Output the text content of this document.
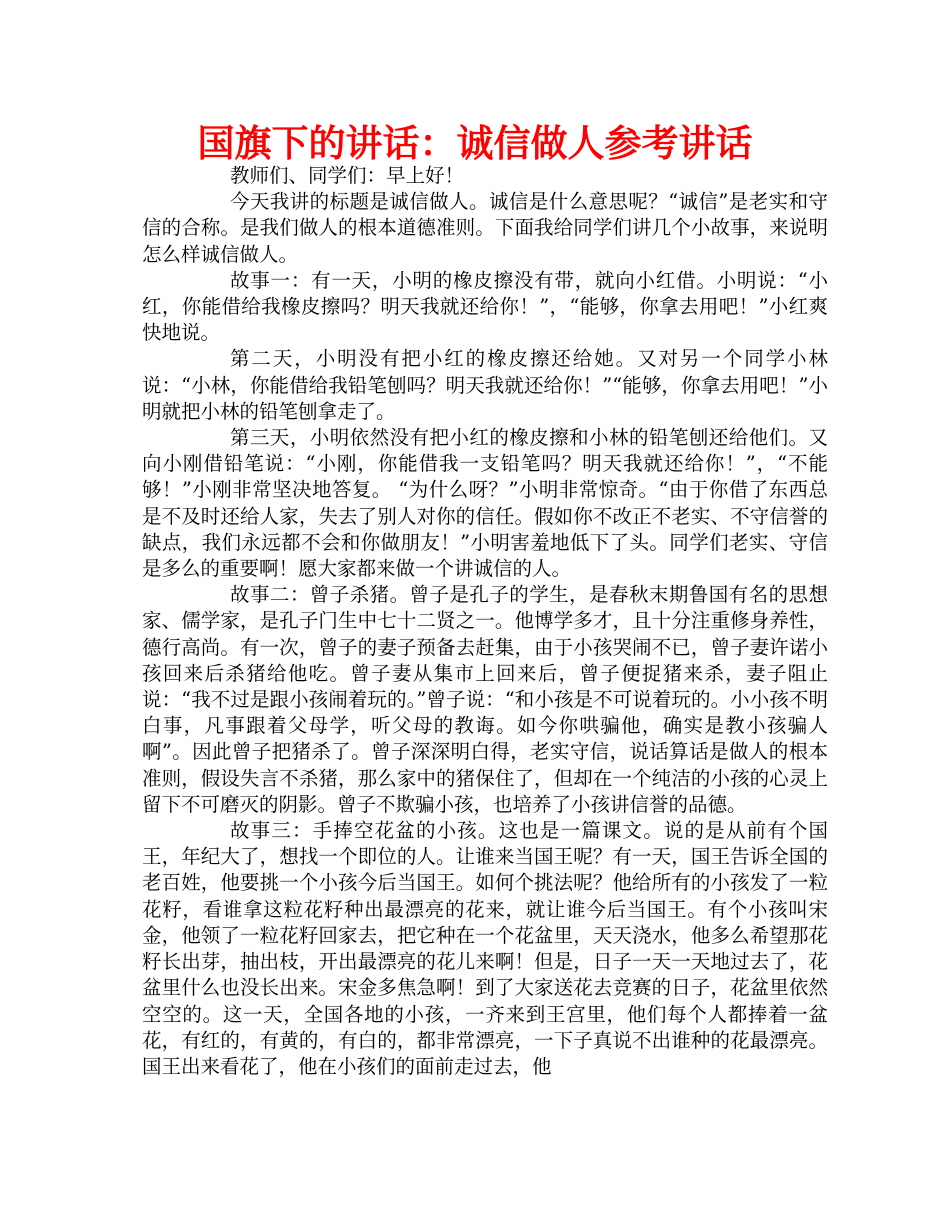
国旗下的讲话：诚信做人参考讲话

教师们、同学们：早上好！

今天我讲的标题是诚信做人。诚信是什么意思呢？“诚信”是老实和守信的合称。是我们做人的根本道德准则。下面我给同学们讲几个小故事，来说明怎么样诚信做人。

故事一：有一天，小明的橡皮擦没有带，就向小红借。小明说：“小红，你能借给我橡皮擦吗？明天我就还给你！”，“能够，你拿去用吧！”小红爽快地说。

第二天，小明没有把小红的橡皮擦还给她。又对另一个同学小林说：“小林，你能借给我铅笔刨吗？明天我就还给你！”“能够，你拿去用吧！”小明就把小林的铅笔刨拿走了。

第三天，小明依然没有把小红的橡皮擦和小林的铅笔刨还给他们。又向小刚借铅笔说：“小刚，你能借我一支铅笔吗？明天我就还给你！”，“不能够！”小刚非常坚决地答复。 “为什么呀？”小明非常惊奇。“由于你借了东西总是不及时还给人家，失去了别人对你的信任。假如你不改正不老实、不守信誉的缺点，我们永远都不会和你做朋友！”小明害羞地低下了头。同学们老实、守信是多么的重要啊！愿大家都来做一个讲诚信的人。

故事二：曾子杀猪。曾子是孔子的学生，是春秋末期鲁国有名的思想家、儒学家，是孔子门生中七十二贤之一。他博学多才，且十分注重修身养性，德行高尚。有一次，曾子的妻子预备去赶集，由于小孩哭闹不已，曾子妻许诺小孩回来后杀猪给他吃。曾子妻从集市上回来后，曾子便捉猪来杀，妻子阻止说：“我不过是跟小孩闹着玩的。”曾子说：“和小孩是不可说着玩的。小小孩不明白事，凡事跟着父母学，听父母的教诲。如今你哄骗他，确实是教小孩骗人啊”。因此曾子把猪杀了。曾子深深明白得，老实守信，说话算话是做人的根本准则，假设失言不杀猪，那么家中的猪保住了，但却在一个纯洁的小孩的心灵上留下不可磨灭的阴影。曾子不欺骗小孩，也培养了小孩讲信誉的品德。

故事三：手捧空花盆的小孩。这也是一篇课文。说的是从前有个国王，年纪大了，想找一个即位的人。让谁来当国王呢？有一天，国王告诉全国的老百姓，他要挑一个小孩今后当国王。如何个挑法呢？他给所有的小孩发了一粒花籽，看谁拿这粒花籽种出最漂亮的花来，就让谁今后当国王。有个小孩叫宋金，他领了一粒花籽回家去，把它种在一个花盆里，天天浇水，他多么希望那花籽长出芽，抽出枝，开出最漂亮的花儿来啊！但是，日子一天一天地过去了，花盆里什么也没长出来。宋金多焦急啊！到了大家送花去竞赛的日子，花盆里依然空空的。这一天，全国各地的小孩，一齐来到王宫里，他们每个人都捧着一盆花，有红的，有黄的，有白的，都非常漂亮，一下子真说不出谁种的花最漂亮。国王出来看花了，他在小孩们的面前走过去，他
